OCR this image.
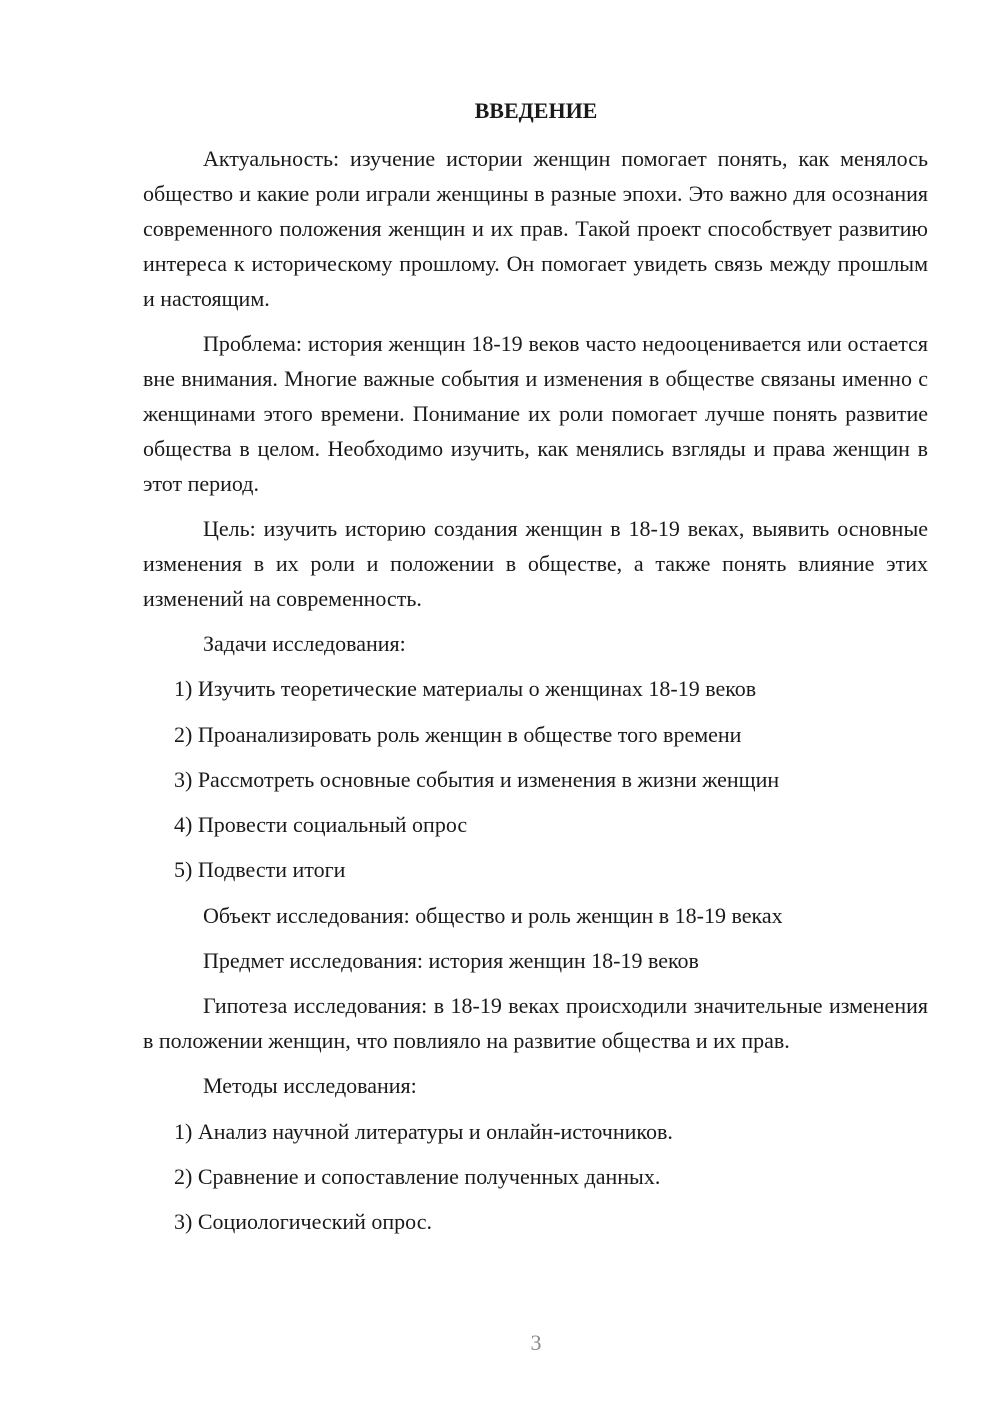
ВВЕДЕНИЕ

Актуальность: изучение истории женщин помогает понять, как менялось общество и какие роли играли женщины в разные эпохи. Это важно для осознания современного положения женщин и их прав. Такой проект способствует развитию интереса к историческому прошлому. Он помогает увидеть связь между прошлым и настоящим.

Проблема: история женщин 18-19 веков часто недооценивается или остается вне внимания. Многие важные события и изменения в обществе связаны именно с женщинами этого времени. Понимание их роли помогает лучше понять развитие общества в целом. Необходимо изучить, как менялись взгляды и права женщин в этот период.

Цель: изучить историю создания женщин в 18-19 веках, выявить основные изменения в их роли и положении в обществе, а также понять влияние этих изменений на современность.

Задачи исследования:
1) Изучить теоретические материалы о женщинах 18-19 веков
2) Проанализировать роль женщин в обществе того времени
3) Рассмотреть основные события и изменения в жизни женщин
4) Провести социальный опрос
5) Подвести итоги
Объект исследования: общество и роль женщин в 18-19 веках
Предмет исследования: история женщин 18-19 веков

Гипотеза исследования: в 18-19 веках происходили значительные изменения в положении женщин, что повлияло на развитие общества и их прав.

Методы исследования:
1) Анализ научной литературы и онлайн-источников.
2) Сравнение и сопоставление полученных данных.
3) Социологический опрос.
3
